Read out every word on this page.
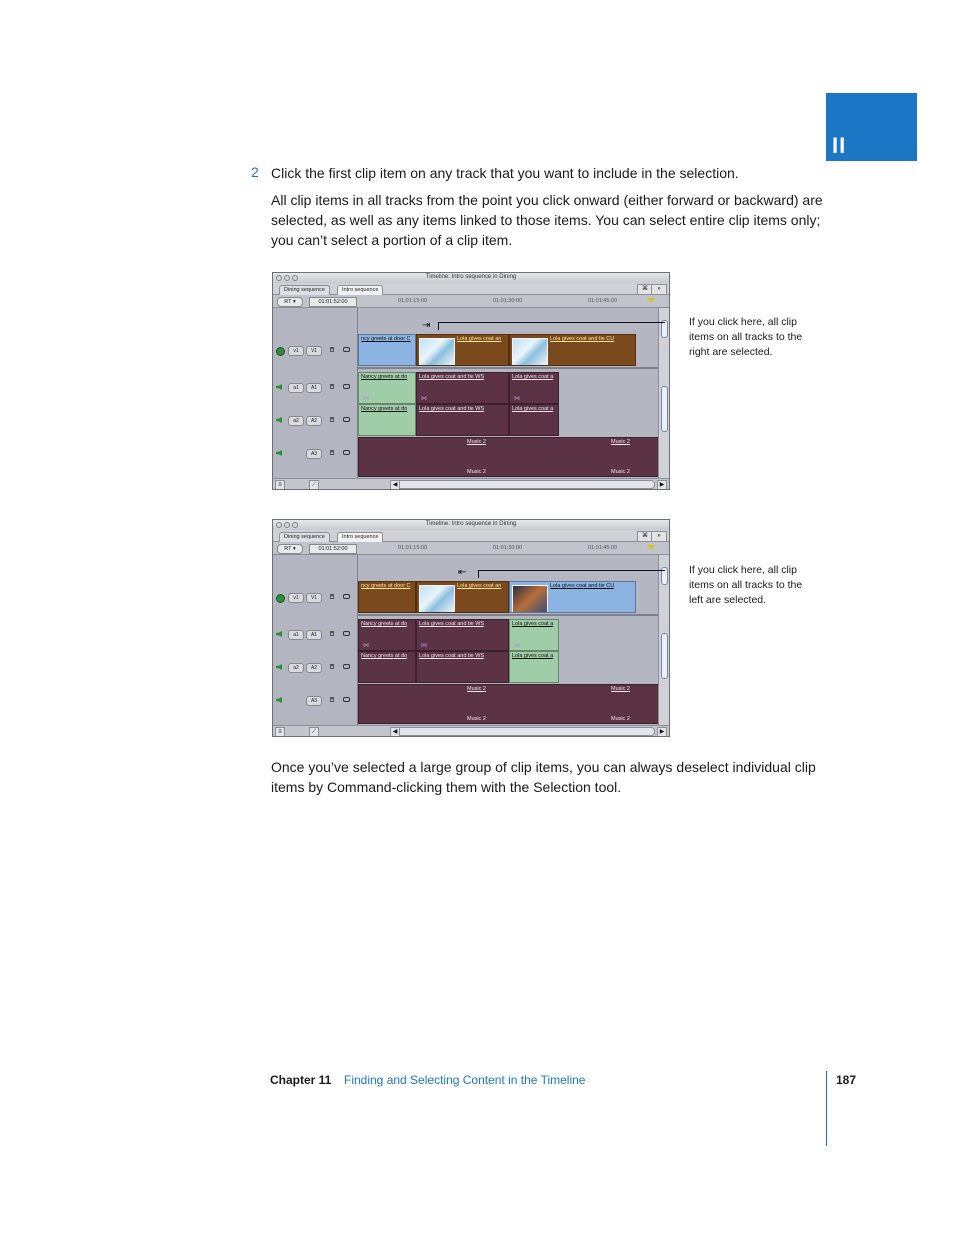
II
2 Click the first clip item on any track that you want to include in the selection.
All clip items in all tracks from the point you click onward (either forward or backward) are selected, as well as any items linked to those items. You can select entire clip items only; you can’t select a portion of a clip item.
Timeline: Intro sequence in Dining
Dining sequence	Intro sequence	⌘	»
RT ▾	01:01:52:00	01:01:15:00	01:01:30:00	01:01:45:00
v1	V1
a1	A1
a2	A2
A3
ncy greets at door C	Lola gives coat an	Lola gives coat and tie CU
Nancy greets at do
⋈
Lola gives coat and tie WS
⋈
Lola gives coat a
⋈
Nancy greets at do Lola gives coat and tie WS	Lola gives coat a
Music 2	Music 2
Music 2	Music 2
⇥
≡	⟋	◀	▶
If you click here, all clip items on all tracks to the right are selected.
Timeline: Intro sequence in Dining
Dining sequence	Intro sequence	⌘	»
RT ▾	01:01:52:00	01:01:15:00	01:01:30:00	01:01:45:00
v1	V1
a1	A1
a2	A2
A3
ncy greets at door C	Lola gives coat an	Lola gives coat and tie CU
Nancy greets at do
⋈
Lola gives coat and tie WS
⋈
Lola gives coat a
⋈
Nancy greets at do Lola gives coat and tie WS	Lola gives coat a
Music 2	Music 2
Music 2	Music 2
⇤
≡	⟋	◀	▶
If you click here, all clip items on all tracks to the left are selected.
Once you’ve selected a large group of clip items, you can always deselect individual clip items by Command-clicking them with the Selection tool.
Chapter 11 Finding and Selecting Content in the Timeline	187
